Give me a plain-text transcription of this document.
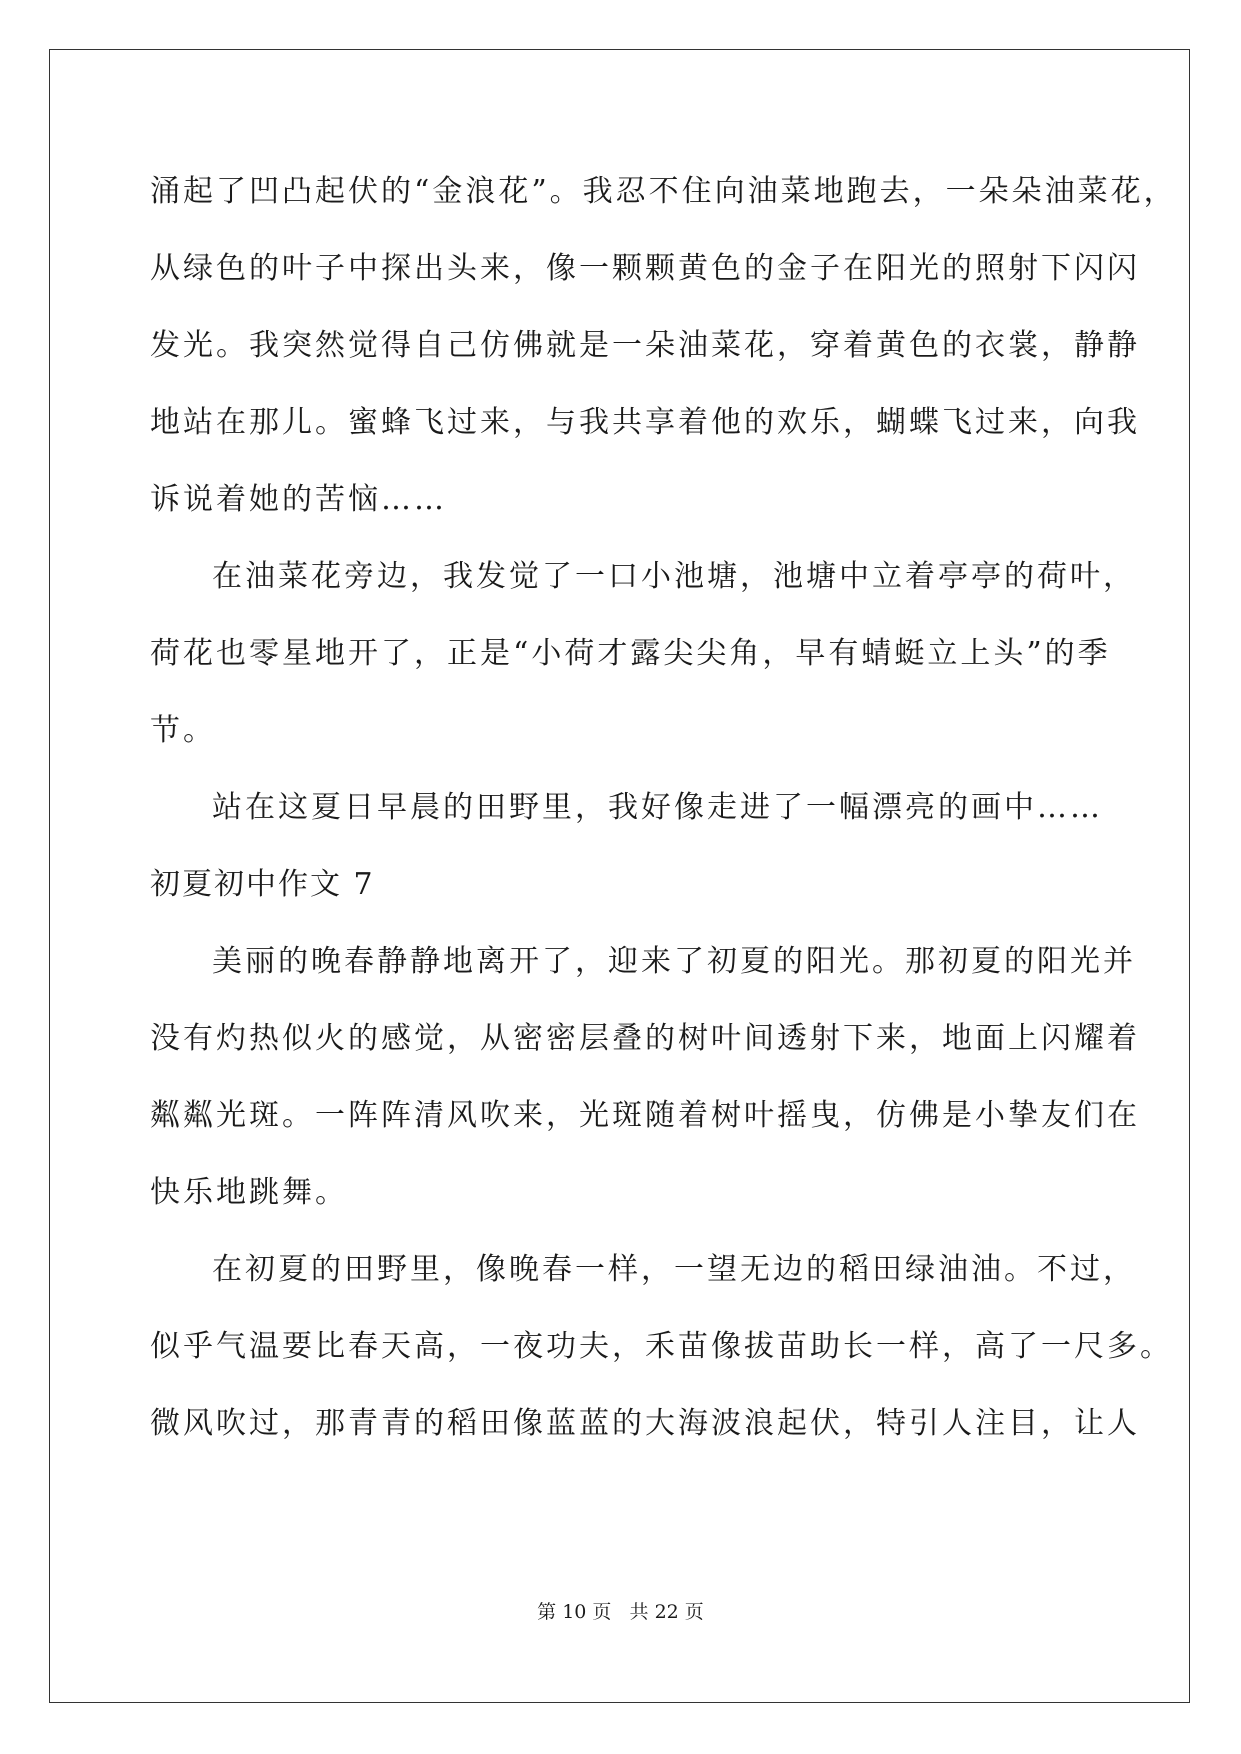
涌起了凹凸起伏的“金浪花”。我忍不住向油菜地跑去，一朵朵油菜花，
从绿色的叶子中探出头来，像一颗颗黄色的金子在阳光的照射下闪闪
发光。我突然觉得自己仿佛就是一朵油菜花，穿着黄色的衣裳，静静
地站在那儿。蜜蜂飞过来，与我共享着他的欢乐，蝴蝶飞过来，向我
诉说着她的苦恼……
在油菜花旁边，我发觉了一口小池塘，池塘中立着亭亭的荷叶，
荷花也零星地开了，正是“小荷才露尖尖角，早有蜻蜓立上头”的季
节。
站在这夏日早晨的田野里，我好像走进了一幅漂亮的画中……
初夏初中作文 7
美丽的晚春静静地离开了，迎来了初夏的阳光。那初夏的阳光并
没有灼热似火的感觉，从密密层叠的树叶间透射下来，地面上闪耀着
粼粼光斑。一阵阵清风吹来，光斑随着树叶摇曳，仿佛是小挚友们在
快乐地跳舞。
在初夏的田野里，像晚春一样，一望无边的稻田绿油油。不过，
似乎气温要比春天高，一夜功夫，禾苗像拔苗助长一样，高了一尺多。
微风吹过，那青青的稻田像蓝蓝的大海波浪起伏，特引人注目，让人
第 10 页   共 22 页
